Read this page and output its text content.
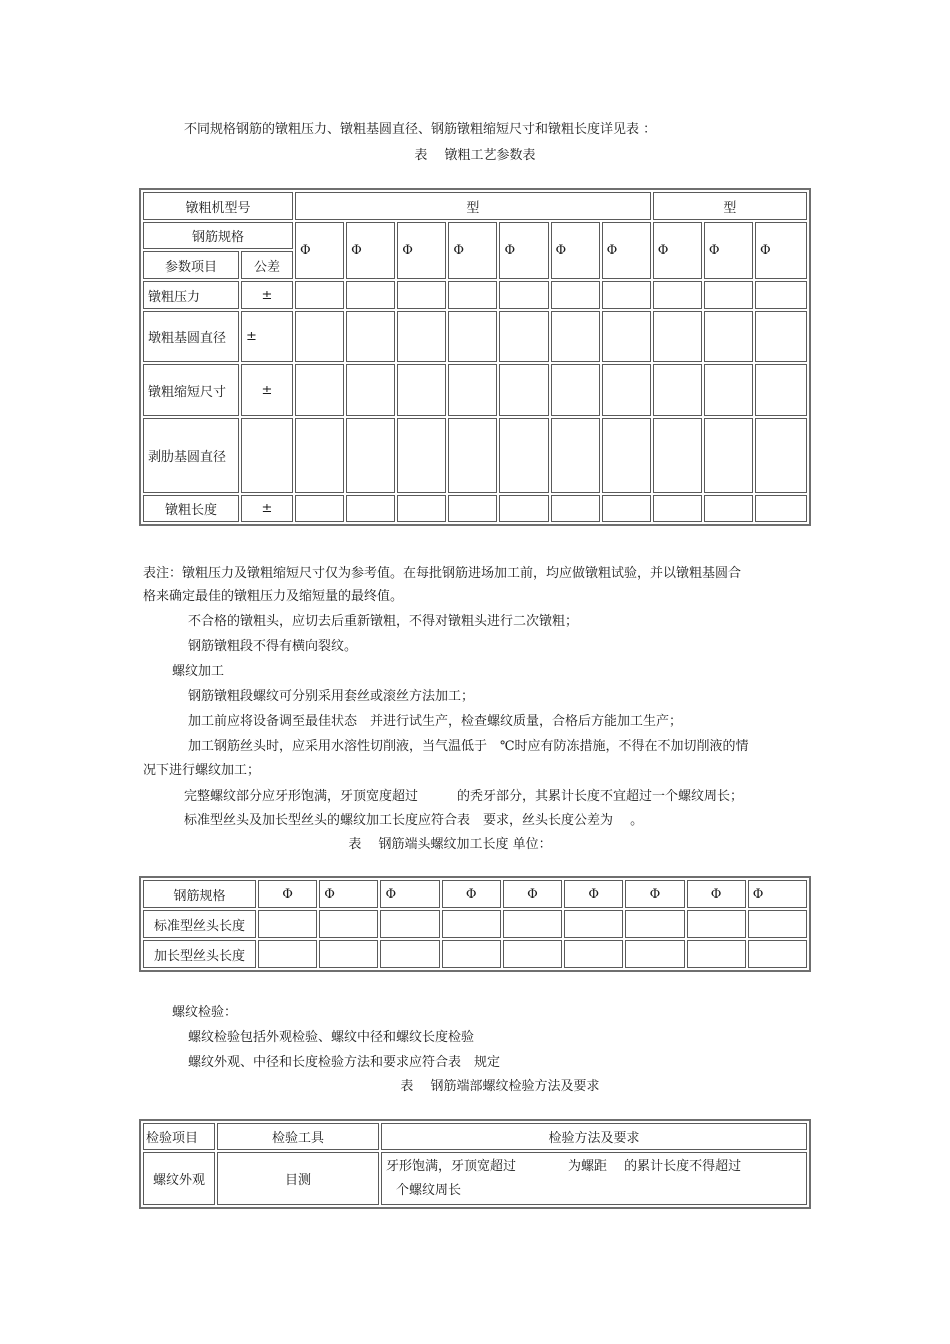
不同规格钢筋的镦粗压力、镦粗基圆直径、钢筋镦粗缩短尺寸和镦粗长度详见表 ：
表　 镦粗工艺参数表
镦粗机型号		型							型		
钢筋规格		Φ	Φ	Φ	Φ	Φ	Φ	Φ	Φ	Φ	Φ
参数项目	公差										
镦粗压力	±										
墩粗基圆直径	±										
镦粗缩短尺寸	±										
剥肋基圆直径											
镦粗长度	±										
表注：镦粗压力及镦粗缩短尺寸仅为参考值。在每批钢筋进场加工前，均应做镦粗试验，并以镦粗基圆合
格来确定最佳的镦粗压力及缩短量的最终值。
不合格的镦粗头，应切去后重新镦粗，不得对镦粗头进行二次镦粗；
钢筋镦粗段不得有横向裂纹。
螺纹加工
钢筋镦粗段螺纹可分别采用套丝或滚丝方法加工；
加工前应将设备调至最佳状态　并进行试生产，检查螺纹质量，合格后方能加工生产；
加工钢筋丝头时，应采用水溶性切削液，当气温低于　℃时应有防冻措施，不得在不加切削液的情
况下进行螺纹加工；
完整螺纹部分应牙形饱满，牙顶宽度超过　　　的秃牙部分，其累计长度不宜超过一个螺纹周长；
标准型丝头及加长型丝头的螺纹加工长度应符合表　要求，丝头长度公差为　 。
表　 钢筋端头螺纹加工长度 单位：
钢筋规格	Φ	Φ	Φ	Φ	Φ	Φ	Φ	Φ	Φ
标准型丝头长度									
加长型丝头长度									
螺纹检验：
螺纹检验包括外观检验、螺纹中径和螺纹长度检验
螺纹外观、中径和长度检验方法和要求应符合表　规定
表　 钢筋端部螺纹检验方法及要求
检验项目	检验工具	检验方法及要求
螺纹外观	目测	牙形饱满，牙顶宽超过　　　　为螺距　 的累计长度不得超过
个螺纹周长
